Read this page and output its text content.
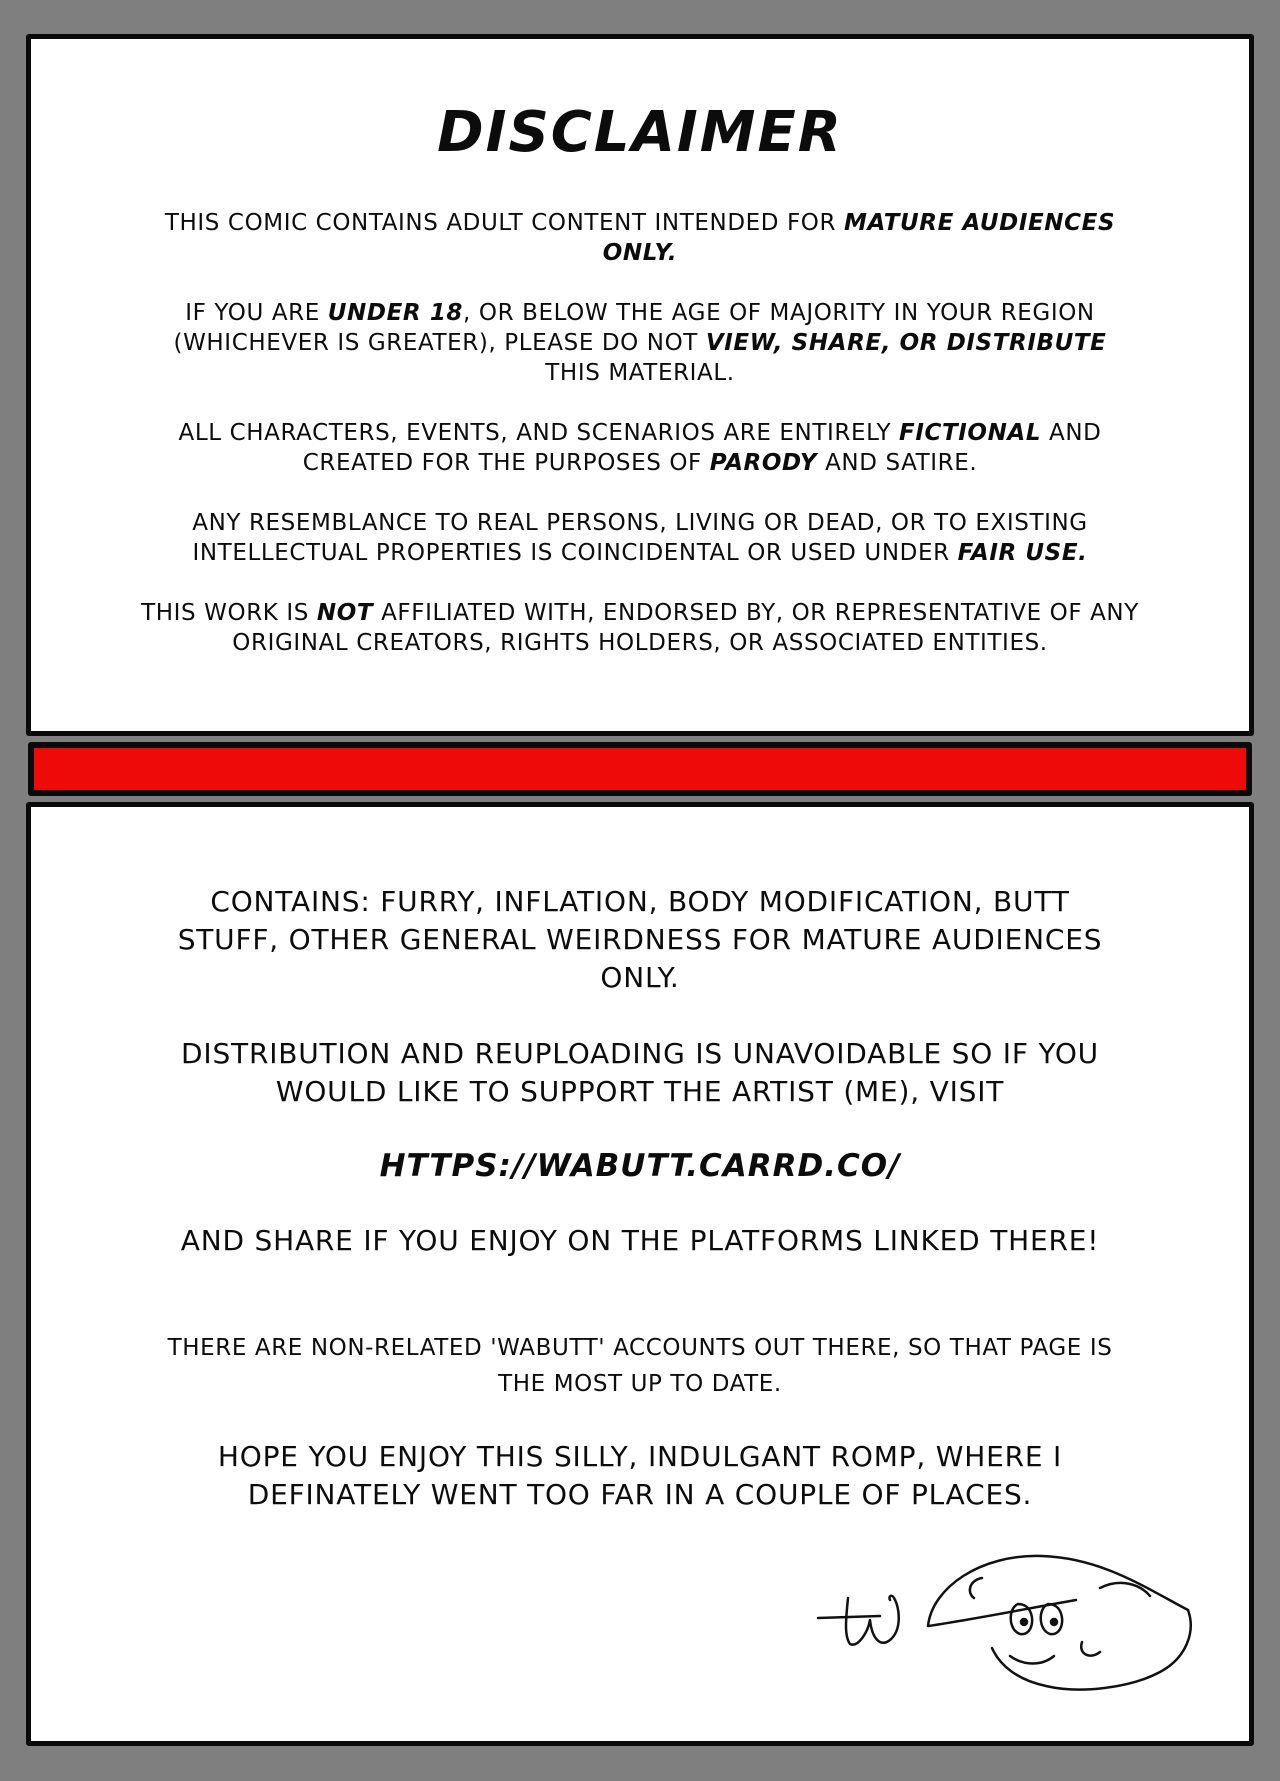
DISCLAIMER

THIS COMIC CONTAINS ADULT CONTENT INTENDED FOR MATURE AUDIENCES ONLY.

IF YOU ARE UNDER 18, OR BELOW THE AGE OF MAJORITY IN YOUR REGION (WHICHEVER IS GREATER), PLEASE DO NOT VIEW, SHARE, OR DISTRIBUTE THIS MATERIAL.

ALL CHARACTERS, EVENTS, AND SCENARIOS ARE ENTIRELY FICTIONAL AND CREATED FOR THE PURPOSES OF PARODY AND SATIRE.

ANY RESEMBLANCE TO REAL PERSONS, LIVING OR DEAD, OR TO EXISTING INTELLECTUAL PROPERTIES IS COINCIDENTAL OR USED UNDER FAIR USE.

THIS WORK IS NOT AFFILIATED WITH, ENDORSED BY, OR REPRESENTATIVE OF ANY ORIGINAL CREATORS, RIGHTS HOLDERS, OR ASSOCIATED ENTITIES.

CONTAINS: FURRY, INFLATION, BODY MODIFICATION, BUTT STUFF, OTHER GENERAL WEIRDNESS FOR MATURE AUDIENCES ONLY.

DISTRIBUTION AND REUPLOADING IS UNAVOIDABLE SO IF YOU WOULD LIKE TO SUPPORT THE ARTIST (ME), VISIT

HTTPS://WABUTT.CARRD.CO/

AND SHARE IF YOU ENJOY ON THE PLATFORMS LINKED THERE!

THERE ARE NON-RELATED 'WABUTT' ACCOUNTS OUT THERE, SO THAT PAGE IS THE MOST UP TO DATE.

HOPE YOU ENJOY THIS SILLY, INDULGANT ROMP, WHERE I DEFINATELY WENT TOO FAR IN A COUPLE OF PLACES.
